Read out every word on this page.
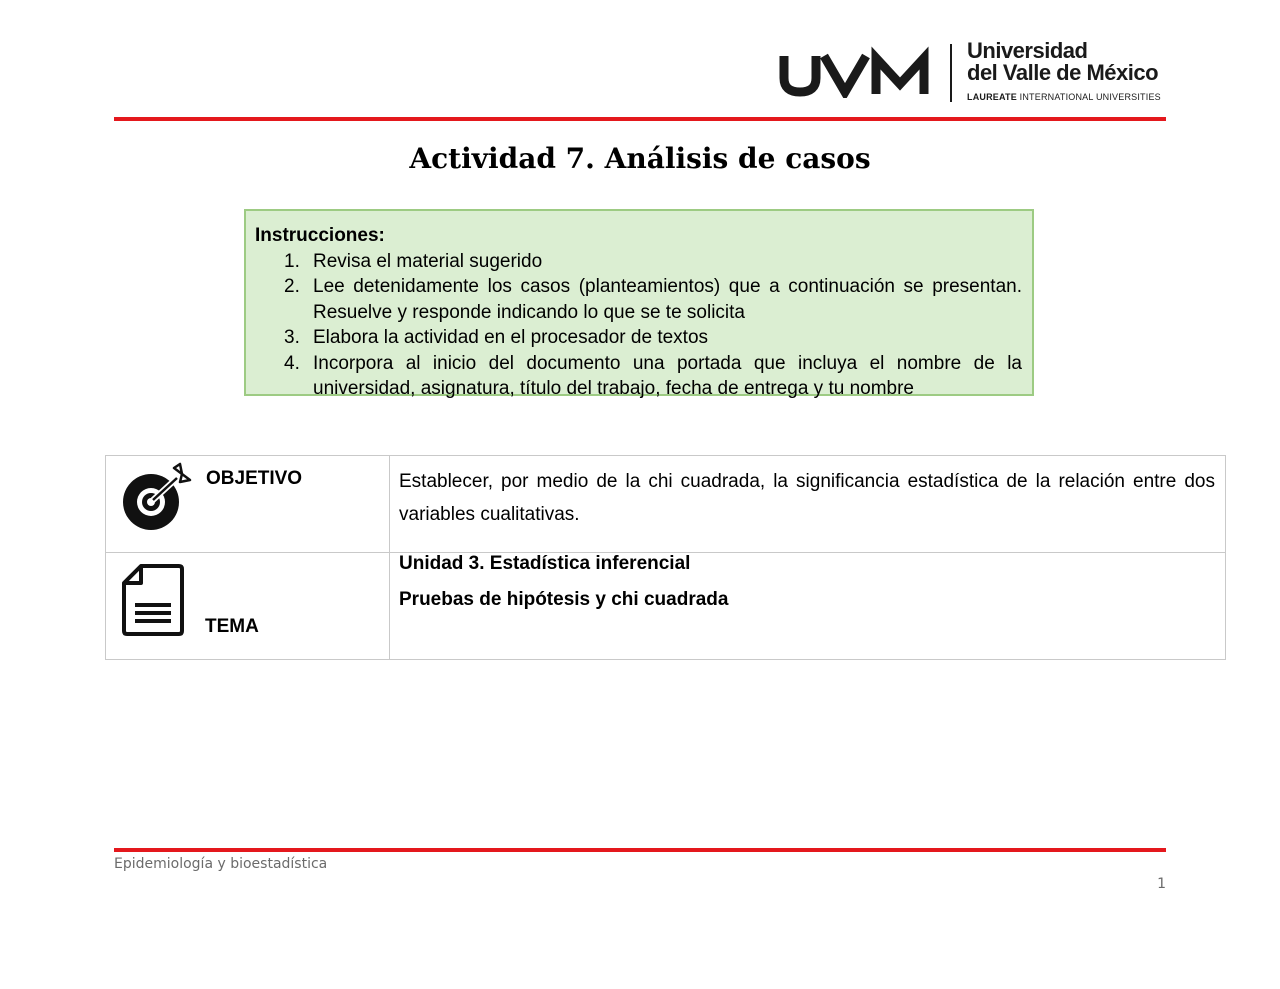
Universidad
del Valle de México
LAUREATE INTERNATIONAL UNIVERSITIES
Actividad 7. Análisis de casos
Instrucciones:
1. Revisa el material sugerido
2. Lee detenidamente los casos (planteamientos) que a continuación se presentan. Resuelve y responde indicando lo que se te solicita
3. Elabora la actividad en el procesador de textos
4. Incorpora al inicio del documento una portada que incluya el nombre de la universidad, asignatura, título del trabajo, fecha de entrega y tu nombre
OBJETIVO	Establecer, por medio de la chi cuadrada, la significancia estadística de la relación entre dos variables cualitativas.

TEMA	Unidad 3. Estadística inferencial
Pruebas de hipótesis y chi cuadrada
Epidemiología y bioestadística
1
